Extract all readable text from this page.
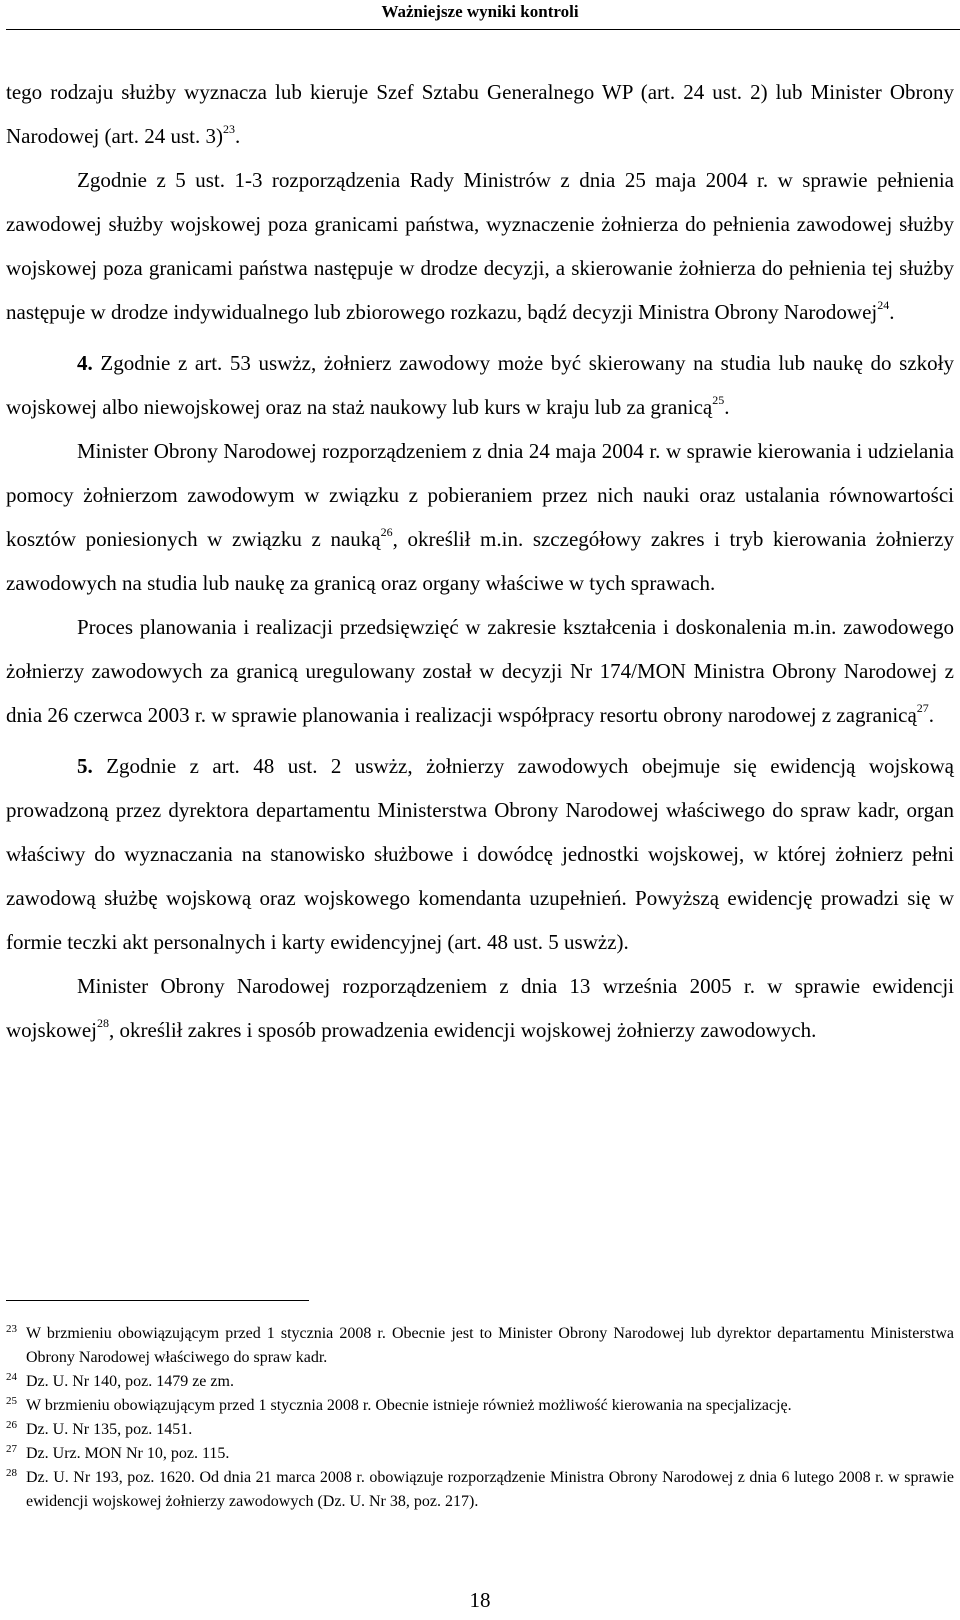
Ważniejsze wyniki kontroli

tego rodzaju służby wyznacza lub kieruje Szef Sztabu Generalnego WP (art. 24 ust. 2) lub Minister Obrony Narodowej (art. 24 ust. 3)$^{23}$.

Zgodnie z 5 ust. 1-3 rozporządzenia Rady Ministrów z dnia 25 maja 2004 r. w sprawie pełnienia zawodowej służby wojskowej poza granicami państwa, wyznaczenie żołnierza do pełnienia zawodowej służby wojskowej poza granicami państwa następuje w drodze decyzji, a skierowanie żołnierza do pełnienia tej służby następuje w drodze indywidualnego lub zbiorowego rozkazu, bądź decyzji Ministra Obrony Narodowej$^{24}$.

4. Zgodnie z art. 53 uswżz, żołnierz zawodowy może być skierowany na studia lub naukę do szkoły wojskowej albo niewojskowej oraz na staż naukowy lub kurs w kraju lub za granicą$^{25}$.

Minister Obrony Narodowej rozporządzeniem z dnia 24 maja 2004 r. w sprawie kierowania i udzielania pomocy żołnierzom zawodowym w związku z pobieraniem przez nich nauki oraz ustalania równowartości kosztów poniesionych w związku z nauką$^{26}$, określił m.in. szczegółowy zakres i tryb kierowania żołnierzy zawodowych na studia lub naukę za granicą oraz organy właściwe w tych sprawach.

Proces planowania i realizacji przedsięwzięć w zakresie kształcenia i doskonalenia m.in. zawodowego żołnierzy zawodowych za granicą uregulowany został w decyzji Nr 174/MON Ministra Obrony Narodowej z dnia 26 czerwca 2003 r. w sprawie planowania i realizacji współpracy resortu obrony narodowej z zagranicą$^{27}$.

5. Zgodnie z art. 48 ust. 2 uswżz, żołnierzy zawodowych obejmuje się ewidencją wojskową prowadzoną przez dyrektora departamentu Ministerstwa Obrony Narodowej właściwego do spraw kadr, organ właściwy do wyznaczania na stanowisko służbowe i dowódcę jednostki wojskowej, w której żołnierz pełni zawodową służbę wojskową oraz wojskowego komendanta uzupełnień. Powyższą ewidencję prowadzi się w formie teczki akt personalnych i karty ewidencyjnej (art. 48 ust. 5 uswżz).

Minister Obrony Narodowej rozporządzeniem z dnia 13 września 2005 r. w sprawie ewidencji wojskowej$^{28}$, określił zakres i sposób prowadzenia ewidencji wojskowej żołnierzy zawodowych.

23 W brzmieniu obowiązującym przed 1 stycznia 2008 r. Obecnie jest to Minister Obrony Narodowej lub dyrektor departamentu Ministerstwa Obrony Narodowej właściwego do spraw kadr.
24 Dz. U. Nr 140, poz. 1479 ze zm.
25 W brzmieniu obowiązującym przed 1 stycznia 2008 r. Obecnie istnieje również możliwość kierowania na specjalizację.
26 Dz. U. Nr 135, poz. 1451.
27 Dz. Urz. MON Nr 10, poz. 115.
28 Dz. U. Nr 193, poz. 1620. Od dnia 21 marca 2008 r. obowiązuje rozporządzenie Ministra Obrony Narodowej z dnia 6 lutego 2008 r. w sprawie ewidencji wojskowej żołnierzy zawodowych (Dz. U. Nr 38, poz. 217).
18
